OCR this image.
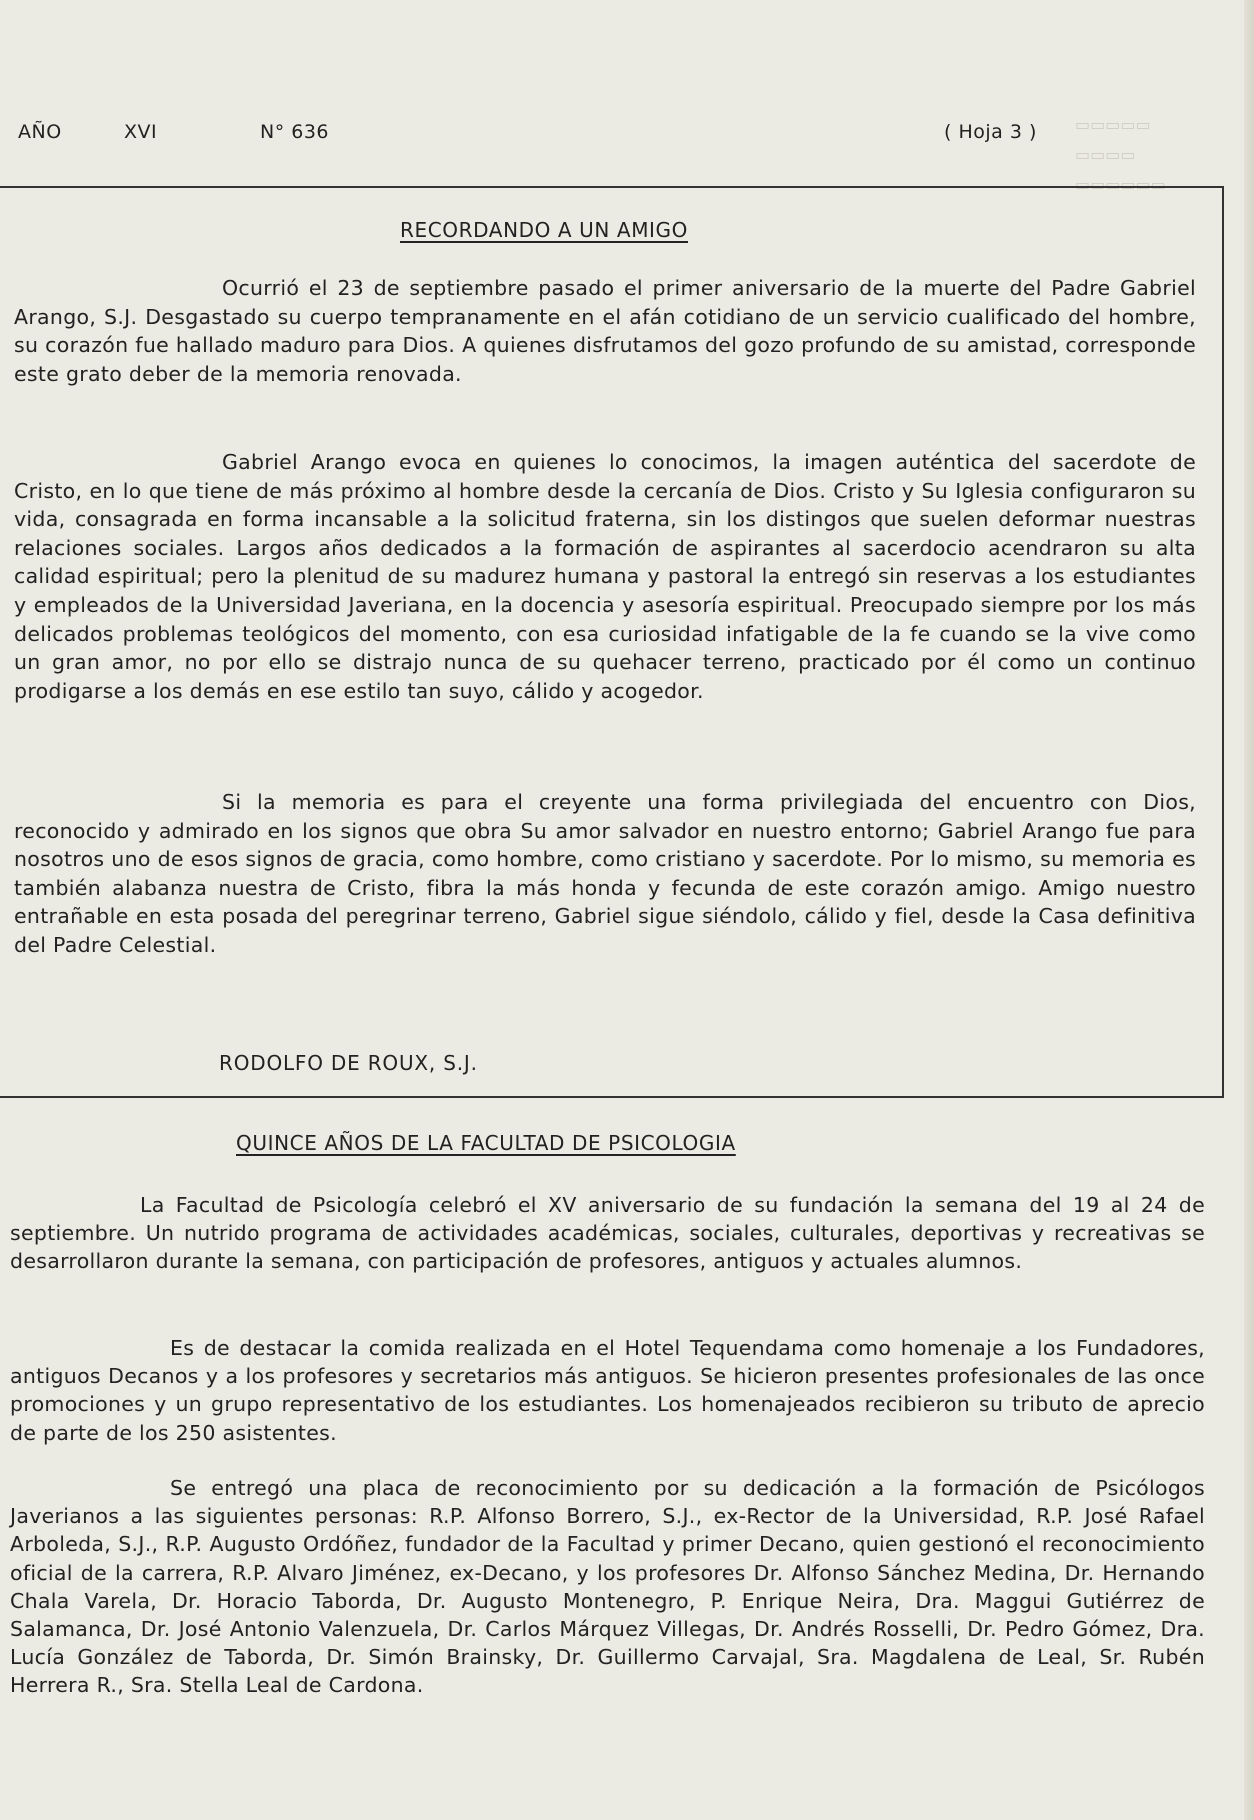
▭▭▭▭▭
▭▭▭▭
▭▭▭▭▭▭
AÑO	XVI	N° 636	( Hoja 3 )
RECORDANDO A UN AMIGO

Ocurrió el 23 de septiembre pasado el primer aniversario de la muerte del Padre Gabriel Arango, S.J. Desgastado su cuerpo tempranamente en el afán cotidiano de un servicio cualificado del hombre, su corazón fue hallado maduro para Dios. A quienes disfrutamos del gozo profundo de su amistad, corresponde este grato deber de la memoria renovada.

Gabriel Arango evoca en quienes lo conocimos, la imagen auténtica del sacerdote de Cristo, en lo que tiene de más próximo al hombre desde la cercanía de Dios. Cristo y Su Iglesia configuraron su vida, consagrada en forma incansable a la solicitud fraterna, sin los distingos que suelen deformar nuestras relaciones sociales. Largos años dedicados a la formación de aspirantes al sacerdocio acendraron su alta calidad espiritual; pero la plenitud de su madurez humana y pastoral la entregó sin reservas a los estudiantes y empleados de la Universidad Javeriana, en la docencia y asesoría espiritual. Preocupado siempre por los más delicados problemas teológicos del momento, con esa curiosidad infatigable de la fe cuando se la vive como un gran amor, no por ello se distrajo nunca de su quehacer terreno, practicado por él como un continuo prodigarse a los demás en ese estilo tan suyo, cálido y acogedor.

Si la memoria es para el creyente una forma privilegiada del encuentro con Dios, reconocido y admirado en los signos que obra Su amor salvador en nuestro entorno; Gabriel Arango fue para nosotros uno de esos signos de gracia, como hombre, como cristiano y sacerdote. Por lo mismo, su memoria es también alabanza nuestra de Cristo, fibra la más honda y fecunda de este corazón amigo. Amigo nuestro entrañable en esta posada del peregrinar terreno, Gabriel sigue siéndolo, cálido y fiel, desde la Casa definitiva del Padre Celestial.

RODOLFO DE ROUX, S.J.
QUINCE AÑOS DE LA FACULTAD DE PSICOLOGIA

La Facultad de Psicología celebró el XV aniversario de su fundación la semana del 19 al 24 de septiembre. Un nutrido programa de actividades académicas, sociales, culturales, deportivas y recreativas se desarrollaron durante la semana, con participación de profesores, antiguos y actuales alumnos.

Es de destacar la comida realizada en el Hotel Tequendama como homenaje a los Fundadores, antiguos Decanos y a los profesores y secretarios más antiguos. Se hicieron presentes profesionales de las once promociones y un grupo representativo de los estudiantes. Los homenajeados recibieron su tributo de aprecio de parte de los 250 asistentes.

Se entregó una placa de reconocimiento por su dedicación a la formación de Psicólogos Javerianos a las siguientes personas: R.P. Alfonso Borrero, S.J., ex-Rector de la Universidad, R.P. José Rafael Arboleda, S.J., R.P. Augusto Ordóñez, fundador de la Facultad y primer Decano, quien gestionó el reconocimiento oficial de la carrera, R.P. Alvaro Jiménez, ex-Decano, y los profesores Dr. Alfonso Sánchez Medina, Dr. Hernando Chala Varela, Dr. Horacio Taborda, Dr. Augusto Montenegro, P. Enrique Neira, Dra. Maggui Gutiérrez de Salamanca, Dr. José Antonio Valenzuela, Dr. Carlos Márquez Villegas, Dr. Andrés Rosselli, Dr. Pedro Gómez, Dra. Lucía González de Taborda, Dr. Simón Brainsky, Dr. Guillermo Carvajal, Sra. Magdalena de Leal, Sr. Rubén Herrera R., Sra. Stella Leal de Cardona.
